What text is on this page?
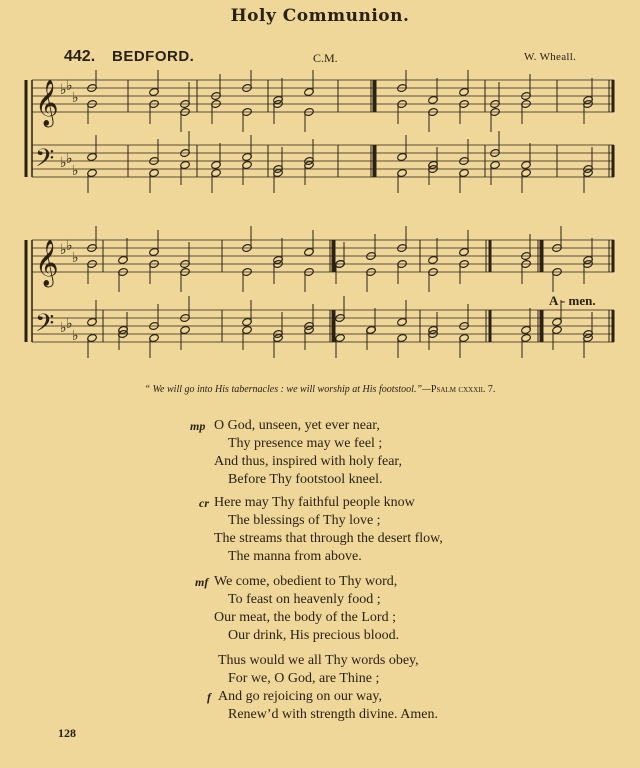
Holy Communion.
442. BEDFORD.	C.M.	W. Wheall.
𝄞 ♭ ♭
♭
𝄢 ♭ ♭
♭
𝄞 ♭ ♭
♭
𝄢 ♭ ♭
♭
A - men.
“ We will go into His tabernacles : we will worship at His footstool.”—Psalm cxxxii. 7.
mp O God, unseen, yet ever near,
Thy presence may we feel ;
And thus, inspired with holy fear,
Before Thy footstool kneel.
cr Here may Thy faithful people know
The blessings of Thy love ;
The streams that through the desert flow,
The manna from above.
mf We come, obedient to Thy word,
To feast on heavenly food ;
Our meat, the body of the Lord ;
Our drink, His precious blood.
Thus would we all Thy words obey,
For we, O God, are Thine ;
f And go rejoicing on our way,
Renew’d with strength divine. Amen.
128
